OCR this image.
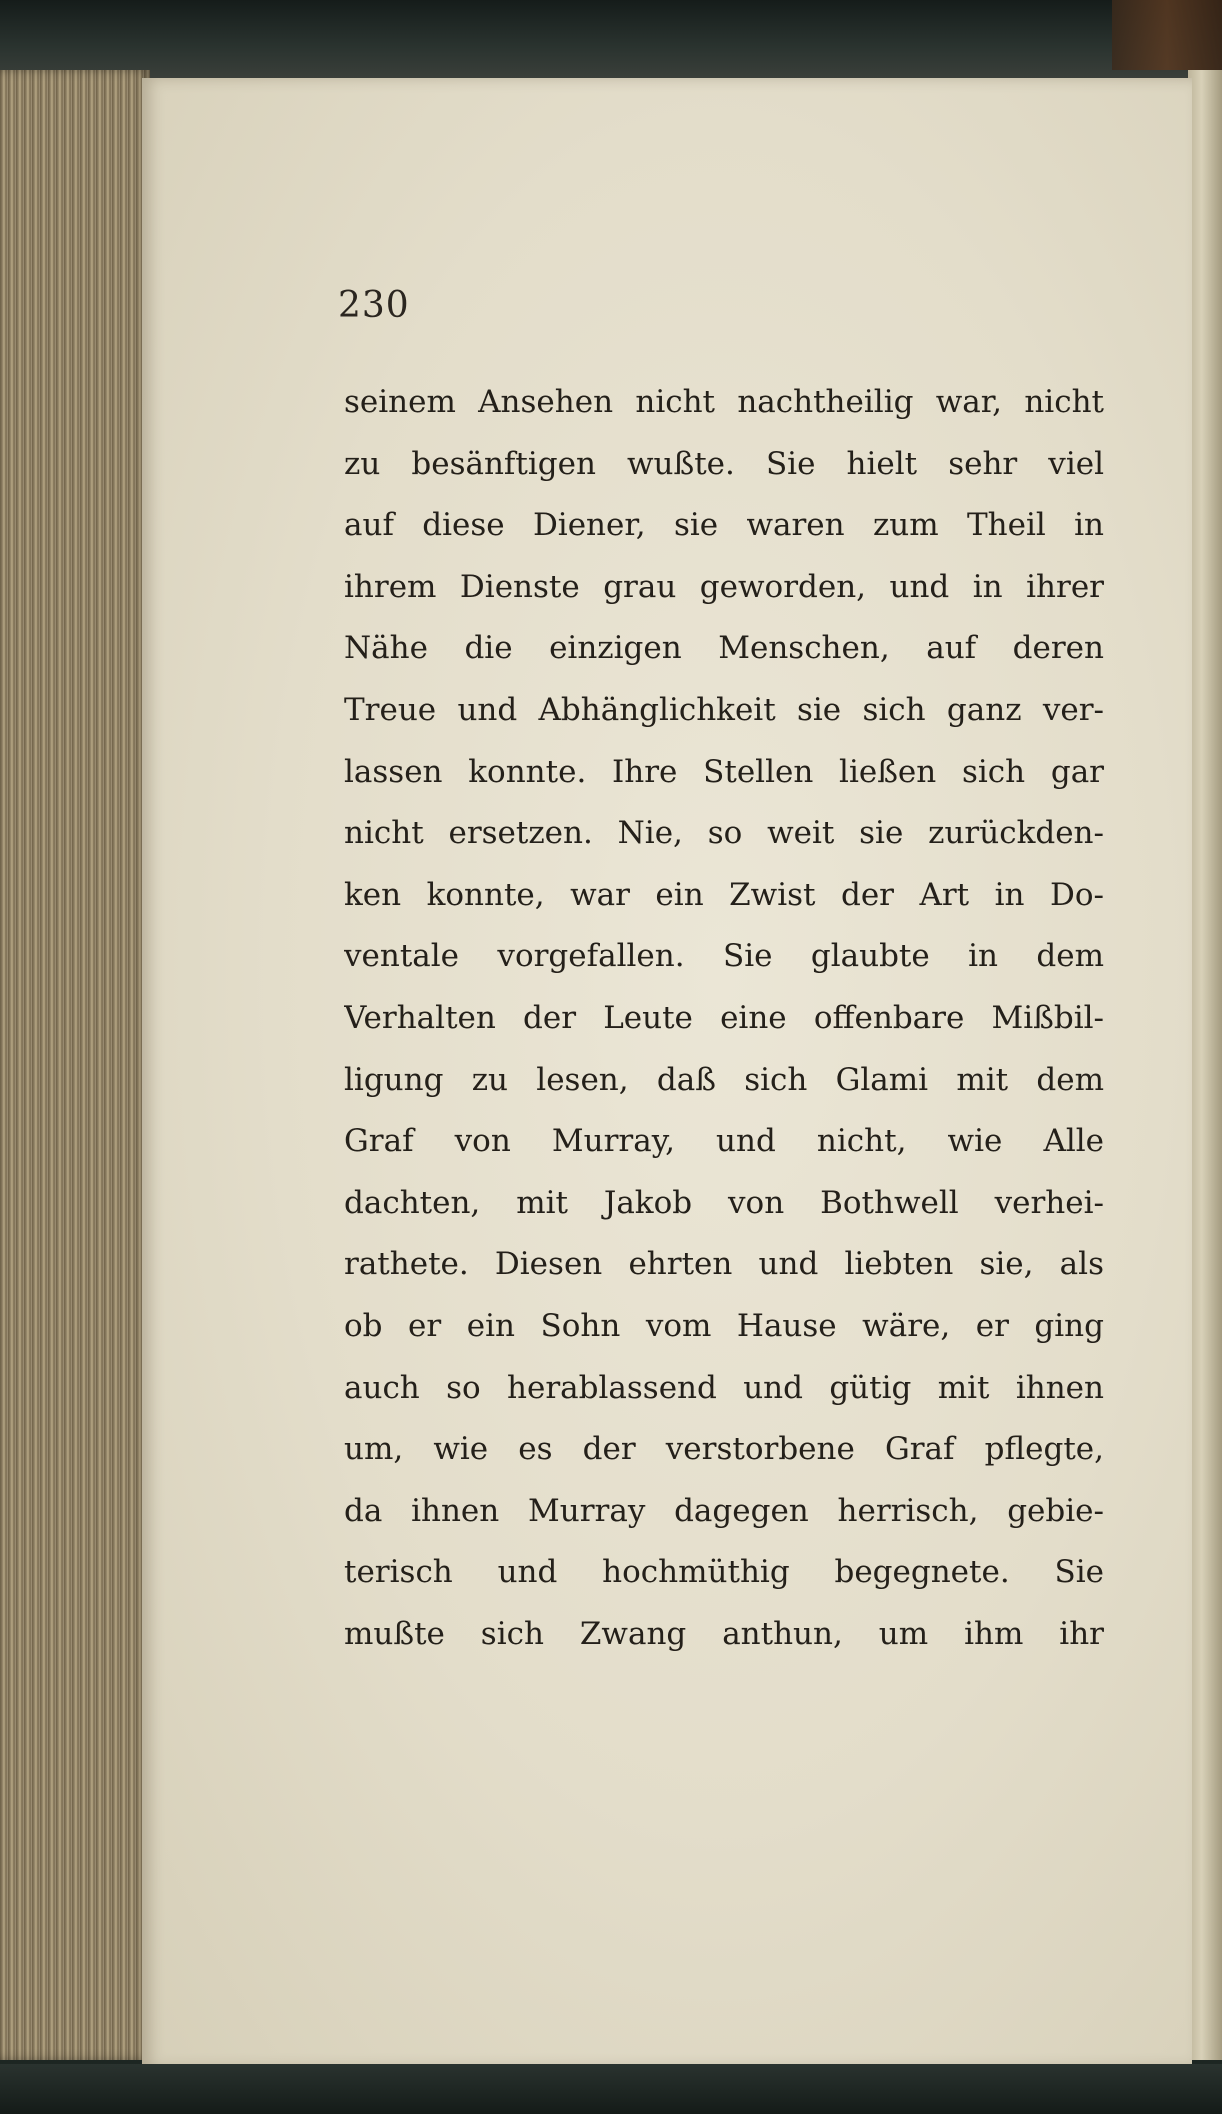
230
seinem Ansehen nicht nachtheilig war, nicht
zu besänftigen wußte. Sie hielt sehr viel
auf diese Diener, sie waren zum Theil in
ihrem Dienste grau geworden, und in ihrer
Nähe die einzigen Menschen, auf deren
Treue und Abhänglichkeit sie sich ganz ver-
lassen konnte. Ihre Stellen ließen sich gar
nicht ersetzen. Nie, so weit sie zurückden-
ken konnte, war ein Zwist der Art in Do-
ventale vorgefallen. Sie glaubte in dem
Verhalten der Leute eine offenbare Mißbil-
ligung zu lesen, daß sich Glami mit dem
Graf von Murray, und nicht, wie Alle
dachten, mit Jakob von Bothwell verhei-
rathete. Diesen ehrten und liebten sie, als
ob er ein Sohn vom Hause wäre, er ging
auch so herablassend und gütig mit ihnen
um, wie es der verstorbene Graf pflegte,
da ihnen Murray dagegen herrisch, gebie-
terisch und hochmüthig begegnete. Sie
mußte sich Zwang anthun, um ihm ihr
